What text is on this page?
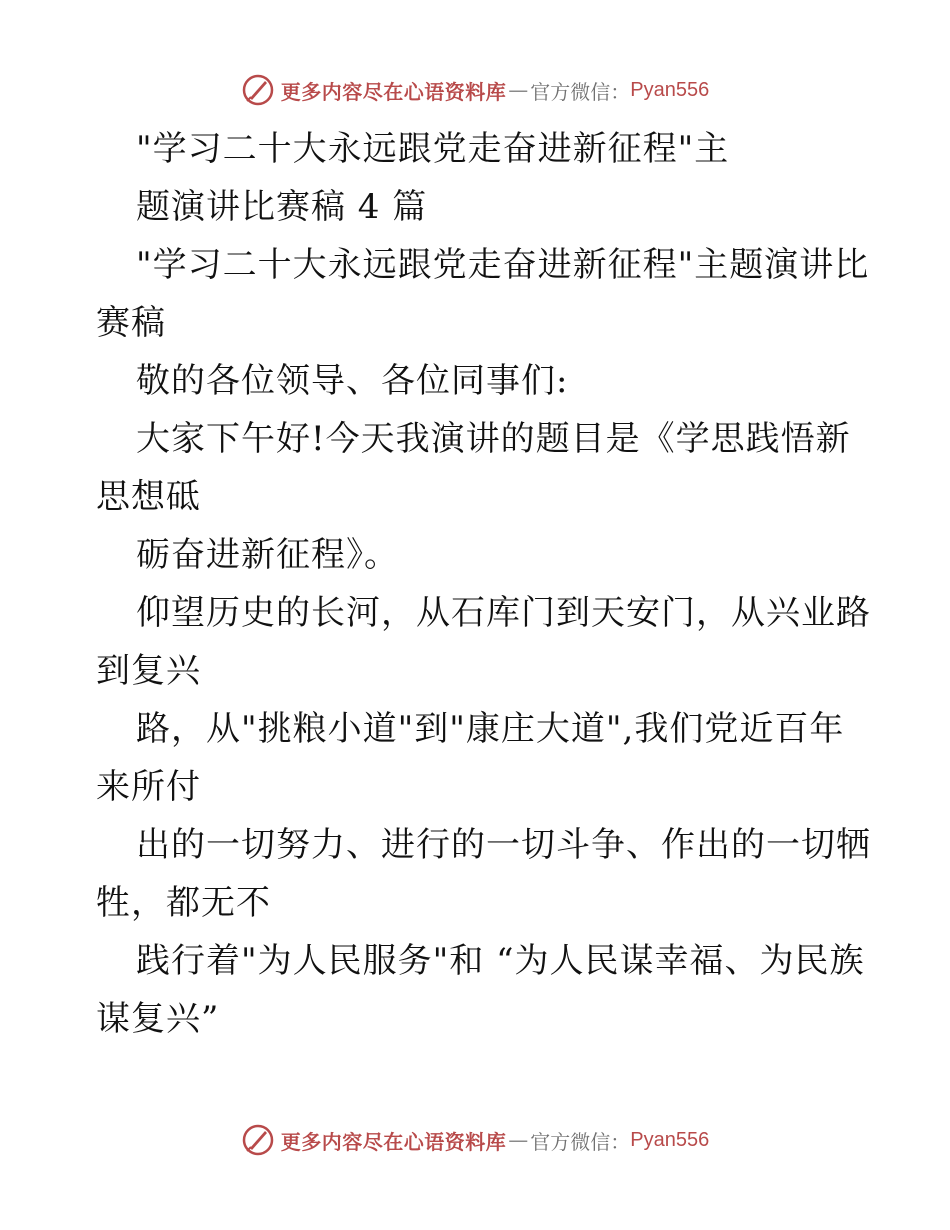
更多内容尽在心语资料库 — 官方微信： Pyan556
"学习二十大永远跟党走奋进新征程"主
题演讲比赛稿 4 篇
"学习二十大永远跟党走奋进新征程"主题演讲比
赛稿
敬的各位领导、各位同事们:
大家下午好!今天我演讲的题目是《学思践悟新
思想砥
砺奋进新征程》。
仰望历史的长河，从石库门到天安门，从兴业路
到复兴
路，从"挑粮小道"到"康庄大道",我们党近百年
来所付
出的一切努力、进行的一切斗争、作出的一切牺
牲，都无不
践行着"为人民服务"和 “为人民谋幸福、为民族
谋复兴”
更多内容尽在心语资料库 — 官方微信： Pyan556
